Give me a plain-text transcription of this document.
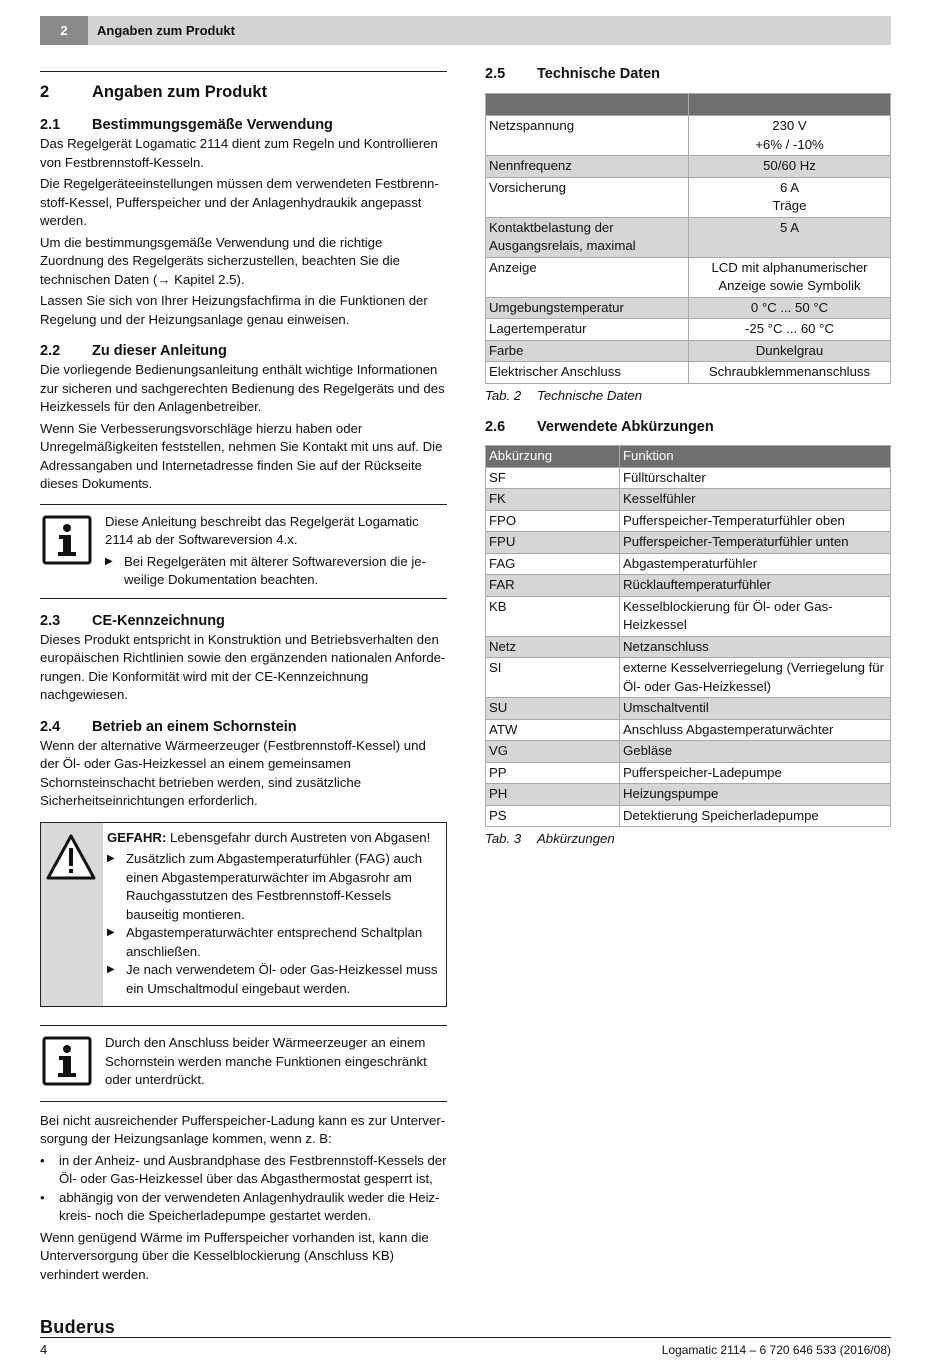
2	Angaben zum Produkt
2	Angaben zum Produkt
2.1	Bestimmungsgemäße Verwendung

Das Regelgerät Logamatic 2114 dient zum Regeln und Kontrollieren von Festbrennstoff-Kesseln.

Die Regelgeräteeinstellungen müssen dem verwendeten Festbrennstoff-Kessel, Pufferspeicher und der Anlagenhydraukik angepasst werden.

Um die bestimmungsgemäße Verwendung und die richtige Zuordnung des Regelgeräts sicherzustellen, beachten Sie die technischen Daten (→ Kapitel 2.5).

Lassen Sie sich von Ihrer Heizungsfachfirma in die Funktionen der Regelung und der Heizungsanlage genau einweisen.

2.2	Zu dieser Anleitung

Die vorliegende Bedienungsanleitung enthält wichtige Informationen zur sicheren und sachgerechten Bedienung des Regelgeräts und des Heizkessels für den Anlagenbetreiber.

Wenn Sie Verbesserungsvorschläge hierzu haben oder Unregelmäßigkeiten feststellen, nehmen Sie Kontakt mit uns auf. Die Adressangaben und Internetadresse finden Sie auf der Rückseite dieses Dokuments.

Diese Anleitung beschreibt das Regelgerät Logamatic 2114 ab der Softwareversion 4.x.

▶ Bei Regelgeräten mit älterer Softwareversion die jeweilige Dokumentation beachten.
2.3	CE-Kennzeichnung

Dieses Produkt entspricht in Konstruktion und Betriebsverhalten den europäischen Richtlinien sowie den ergänzenden nationalen Anforderungen. Die Konformität wird mit der CE-Kennzeichnung nachgewiesen.

2.4	Betrieb an einem Schornstein

Wenn der alternative Wärmeerzeuger (Festbrennstoff-Kessel) und der Öl- oder Gas-Heizkessel an einem gemeinsamen Schornsteinschacht betrieben werden, sind zusätzliche Sicherheitseinrichtungen erforderlich.

GEFAHR: Lebensgefahr durch Austreten von Abgasen!

▶ Zusätzlich zum Abgastemperaturfühler (FAG) auch einen Abgastemperaturwächter im Abgasrohr am Rauchgasstutzen des Festbrennstoff-Kessels bauseitig montieren.
▶ Abgastemperaturwächter entsprechend Schaltplan anschließen.
▶ Je nach verwendetem Öl- oder Gas-Heizkessel muss ein Umschaltmodul eingebaut werden.

Durch den Anschluss beider Wärmeerzeuger an einem Schornstein werden manche Funktionen eingeschränkt oder unterdrückt.

Bei nicht ausreichender Pufferspeicher-Ladung kann es zur Unterversorgung der Heizungsanlage kommen, wenn z. B:

•	in der Anheiz- und Ausbrandphase des Festbrennstoff-Kessels der Öl- oder Gas-Heizkessel über das Abgasthermostat gesperrt ist,
•	abhängig von der verwendeten Anlagenhydraulik weder die Heizkreis- noch die Speicherladepumpe gestartet werden.

Wenn genügend Wärme im Pufferspeicher vorhanden ist, kann die Unterversorgung über die Kesselblockierung (Anschluss KB) verhindert werden.

2.5	Technische Daten

Netzspannung	230 V
+6% / -10%
Nennfrequenz	50/60 Hz
Vorsicherung	6 A
Träge
Kontaktbelastung der Ausgangsrelais, maximal	5 A
Anzeige	LCD mit alphanumerischer Anzeige sowie Symbolik
Umgebungstemperatur	0 °C ... 50 °C
Lagertemperatur	-25 °C ... 60 °C
Farbe	Dunkelgrau
Elektrischer Anschluss	Schraubklemmenanschluss
Tab. 2	Technische Daten
2.6	Verwendete Abkürzungen
Abkürzung	Funktion
SF	Fülltürschalter
FK	Kesselfühler
FPO	Pufferspeicher-Temperaturfühler oben
FPU	Pufferspeicher-Temperaturfühler unten
FAG	Abgastemperaturfühler
FAR	Rücklauftemperaturfühler
KB	Kesselblockierung für Öl- oder Gas-Heizkessel
Netz	Netzanschluss
SI	externe Kesselverriegelung (Verriegelung für Öl- oder Gas-Heizkessel)
SU	Umschaltventil
ATW	Anschluss Abgastemperaturwächter
VG	Gebläse
PP	Pufferspeicher-Ladepumpe
PH	Heizungspumpe
PS	Detektierung Speicherladepumpe
Tab. 3	Abkürzungen
Buderus
4	Logamatic 2114 – 6 720 646 533 (2016/08)
